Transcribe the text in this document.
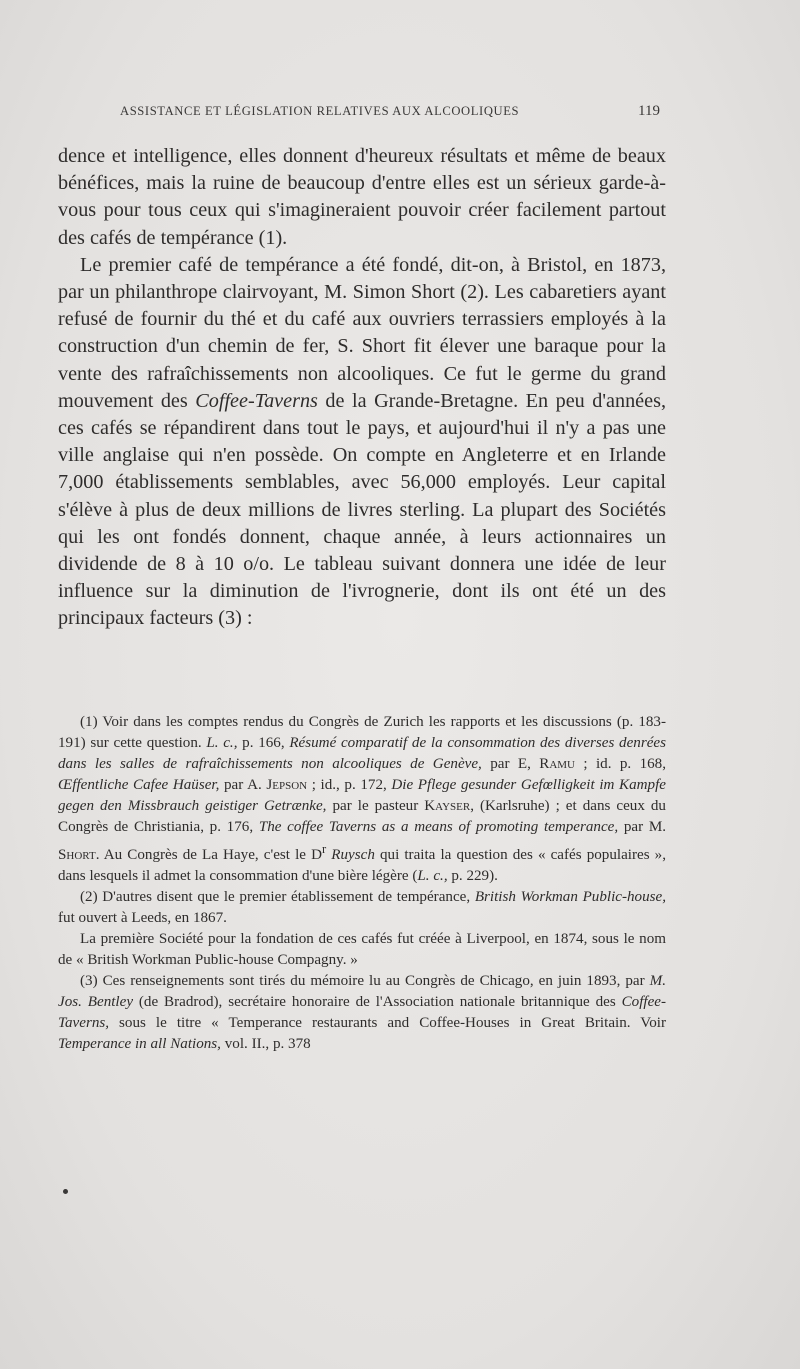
ASSISTANCE ET LÉGISLATION RELATIVES AUX ALCOOLIQUES	119

dence et intelligence, elles donnent d'heureux résultats et même de beaux bénéfices, mais la ruine de beaucoup d'entre elles est un sérieux garde-à-vous pour tous ceux qui s'imagineraient pouvoir créer facilement partout des cafés de tempérance (1).

Le premier café de tempérance a été fondé, dit-on, à Bristol, en 1873, par un philanthrope clairvoyant, M. Simon Short (2). Les cabaretiers ayant refusé de fournir du thé et du café aux ouvriers terrassiers employés à la construction d'un chemin de fer, S. Short fit élever une baraque pour la vente des rafraîchissements non alcooliques. Ce fut le germe du grand mouvement des Coffee-Taverns de la Grande-Bretagne. En peu d'années, ces cafés se répandirent dans tout le pays, et aujourd'hui il n'y a pas une ville anglaise qui n'en possède. On compte en Angleterre et en Irlande 7,000 établissements semblables, avec 56,000 employés. Leur capital s'élève à plus de deux millions de livres sterling. La plupart des Sociétés qui les ont fondés donnent, chaque année, à leurs actionnaires un dividende de 8 à 10 o/o. Le tableau suivant donnera une idée de leur influence sur la diminution de l'ivrognerie, dont ils ont été un des principaux facteurs (3) :

(1) Voir dans les comptes rendus du Congrès de Zurich les rapports et les discussions (p. 183-191) sur cette question. L. c., p. 166, Résumé comparatif de la consommation des diverses denrées dans les salles de rafraîchissements non alcooliques de Genève, par E, Ramu ; id. p. 168, Œffentliche Cafee Haüser, par A. Jepson ; id., p. 172, Die Pflege gesunder Gefœlligkeit im Kampfe gegen den Missbrauch geistiger Getrænke, par le pasteur Kayser, (Karlsruhe) ; et dans ceux du Congrès de Christiania, p. 176, The coffee Taverns as a means of promoting temperance, par M. Short. Au Congrès de La Haye, c'est le $D^r$ Ruysch qui traita la question des « cafés populaires », dans lesquels il admet la consommation d'une bière légère (L. c., p. 229).

(2) D'autres disent que le premier établissement de tempérance, British Workman Public-house, fut ouvert à Leeds, en 1867.

La première Société pour la fondation de ces cafés fut créée à Liverpool, en 1874, sous le nom de « British Workman Public-house Compagny. »

(3) Ces renseignements sont tirés du mémoire lu au Congrès de Chicago, en juin 1893, par M. Jos. Bentley (de Bradrod), secrétaire honoraire de l'Association nationale britannique des Coffee-Taverns, sous le titre « Temperance restaurants and Coffee-Houses in Great Britain. Voir Temperance in all Nations, vol. II., p. 378
